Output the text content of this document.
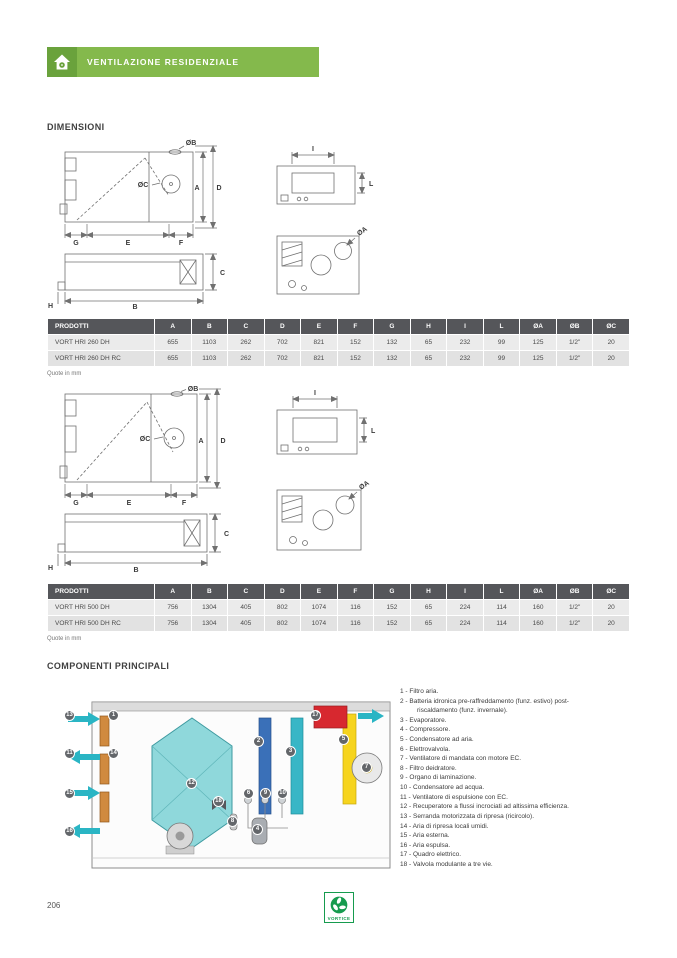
VENTILAZIONE RESIDENZIALE
DIMENSIONI
A D
G	E	F
ØC
ØB
I
L
B
C
H
ØA
PRODOTTI	A	B	C	D	E	F	G	H	I	L	ØA	ØB	ØC
VORT HRI 260 DH	655	1103	262	702	821	152	132	65	232	99	125	1/2"	20
VORT HRI 260 DH RC	655	1103	262	702	821	152	132	65	232	99	125	1/2"	20
Quote in mm
A D
G	E	F
ØC
ØB
I
L
B
C
H
ØA
PRODOTTI	A	B	C	D	E	F	G	H	I	L	ØA	ØB	ØC
VORT HRI 500 DH	756	1304	405	802	1074	116	152	65	224	114	160	1/2"	20
VORT HRI 500 DH RC	756	1304	405	802	1074	116	152	65	224	114	160	1/2"	20
Quote in mm
COMPONENTI PRINCIPALI
13
11
15
16
1
14
12
2
3
5
17
7
18
6	9	10
8
4
1 - Filtro aria.
2 - Batteria idronica pre-raffreddamento (funz. estivo) post-riscaldamento (funz. invernale).
3 - Evaporatore.
4 - Compressore.
5 - Condensatore ad aria.
6 - Elettrovalvola.
7 - Ventilatore di mandata con motore EC.
8 - Filtro deidratore.
9 - Organo di laminazione.
10 - Condensatore ad acqua.
11 - Ventilatore di espulsione con EC.
12 - Recuperatore a flussi incrociati ad altissima efficienza.
13 - Serranda motorizzata di ripresa (ricircolo).
14 - Aria di ripresa locali umidi.
15 - Aria esterna.
16 - Aria espulsa.
17 - Quadro elettrico.
18 - Valvola modulante a tre vie.
206
VORTICE
